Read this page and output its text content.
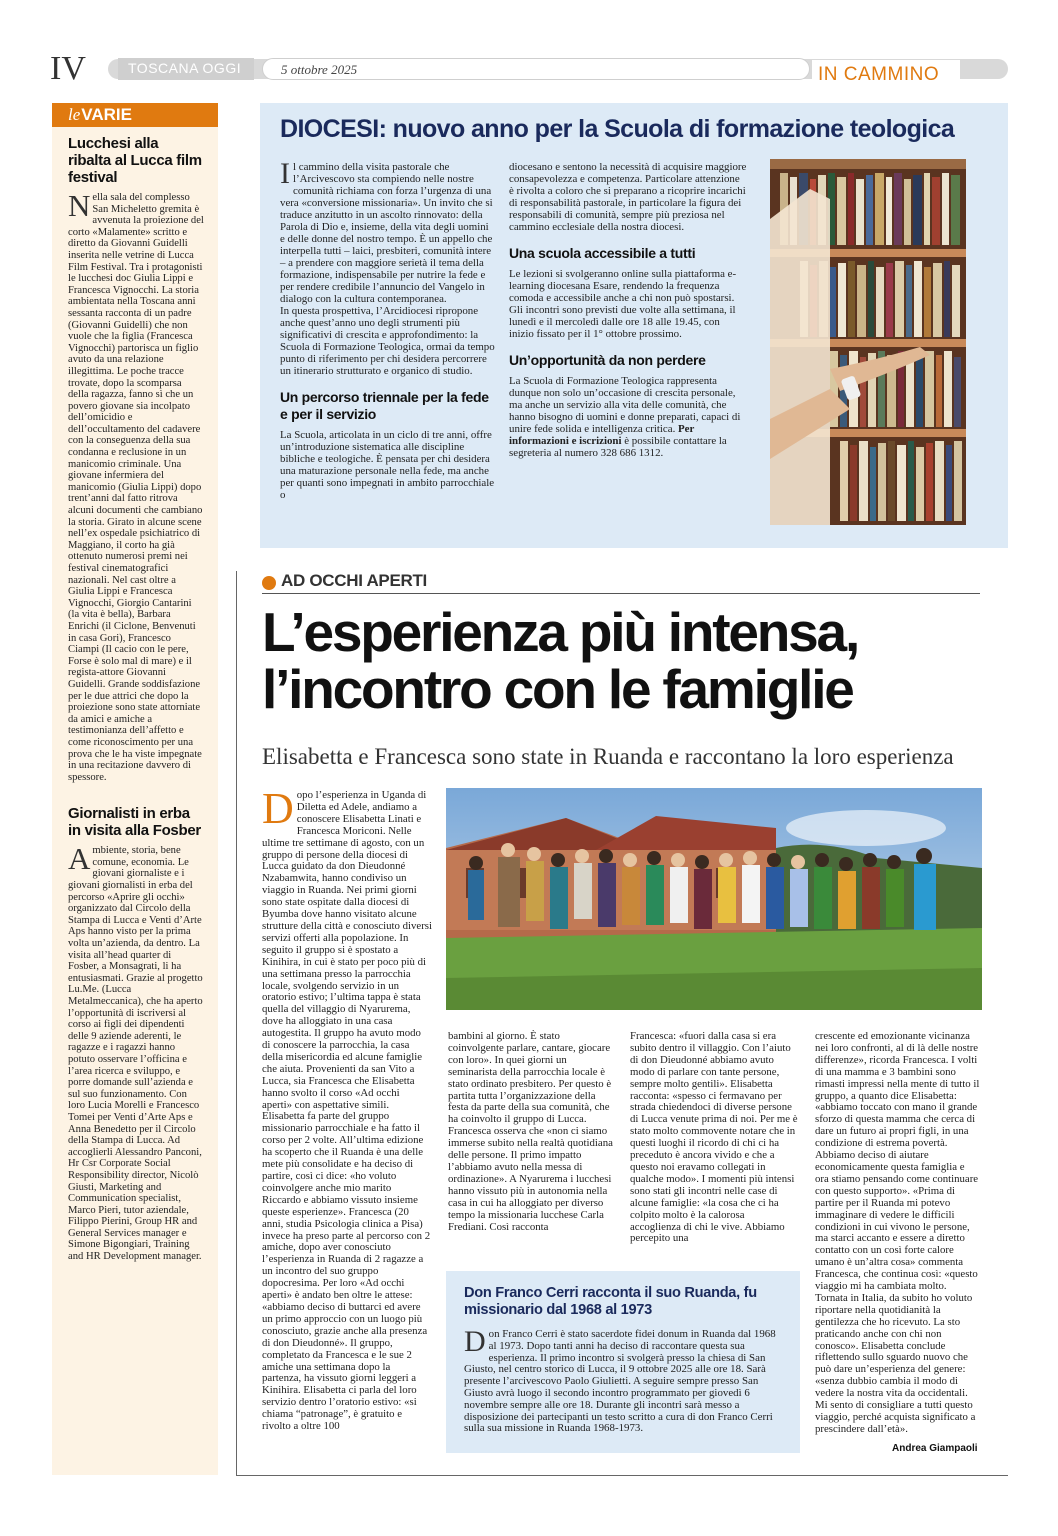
IV	TOSCANA OGGI	5 ottobre 2025	IN CAMMINO
leVARIE
Lucchesi alla ribalta al Lucca film festival

Nella sala del complesso San Micheletto gremita è avvenuta la proiezione del corto «Malamente» scritto e diretto da Giovanni Guidelli inserita nelle vetrine di Lucca Film Festival. Tra i protagonisti le lucchesi doc Giulia Lippi e Francesca Vignocchi. La storia ambientata nella Toscana anni sessanta racconta di un padre (Giovanni Guidelli) che non vuole che la figlia (Francesca Vignocchi) partorisca un figlio avuto da una relazione illegittima. Le poche tracce trovate, dopo la scomparsa della ragazza, fanno sì che un povero giovane sia incolpato dell’omicidio e dell’occultamento del cadavere con la conseguenza della sua condanna e reclusione in un manicomio criminale. Una giovane infermiera del manicomio (Giulia Lippi) dopo trent’anni dal fatto ritrova alcuni documenti che cambiano la storia. Girato in alcune scene nell’ex ospedale psichiatrico di Maggiano, il corto ha già ottenuto numerosi premi nei festival cinematografici nazionali. Nel cast oltre a Giulia Lippi e Francesca Vignocchi, Giorgio Cantarini (la vita è bella), Barbara Enrichi (il Ciclone, Benvenuti in casa Gori), Francesco Ciampi (Il cacio con le pere, Forse è solo mal di mare) e il regista-attore Giovanni Guidelli. Grande soddisfazione per le due attrici che dopo la proiezione sono state attorniate da amici e amiche a testimonianza dell’affetto e come riconoscimento per una prova che le ha viste impegnate in una recitazione davvero di spessore.

Giornalisti in erba in visita alla Fosber

Ambiente, storia, bene comune, economia. Le giovani giornaliste e i giovani giornalisti in erba del percorso «Aprire gli occhi» organizzato dal Circolo della Stampa di Lucca e Venti d’Arte Aps hanno visto per la prima volta un’azienda, da dentro. La visita all’head quarter di Fosber, a Monsagrati, li ha entusiasmati. Grazie al progetto Lu.Me. (Lucca Metalmeccanica), che ha aperto l’opportunità di iscriversi al corso ai figli dei dipendenti delle 9 aziende aderenti, le ragazze e i ragazzi hanno potuto osservare l’officina e l’area ricerca e sviluppo, e porre domande sull’azienda e sul suo funzionamento. Con loro Lucia Morelli e Francesco Tomei per Venti d’Arte Aps e Anna Benedetto per il Circolo della Stampa di Lucca. Ad accoglierli Alessandro Panconi, Hr Csr Corporate Social Responsibility director, Nicolò Giusti, Marketing and Communication specialist, Marco Pieri, tutor aziendale, Filippo Pierini, Group HR and General Services manager e Simone Bigongiari, Training and HR Development manager.

DIOCESI: nuovo anno per la Scuola di formazione teologica

Il cammino della visita pastorale che l’Arcivescovo sta compiendo nelle nostre comunità richiama con forza l’urgenza di una vera «conversione missionaria». Un invito che si traduce anzitutto in un ascolto rinnovato: della Parola di Dio e, insieme, della vita degli uomini e delle donne del nostro tempo. È un appello che interpella tutti – laici, presbiteri, comunità intere – a prendere con maggiore serietà il tema della formazione, indispensabile per nutrire la fede e per rendere credibile l’annuncio del Vangelo in dialogo con la cultura contemporanea.

In questa prospettiva, l’Arcidiocesi ripropone anche quest’anno uno degli strumenti più significativi di crescita e approfondimento: la Scuola di Formazione Teologica, ormai da tempo punto di riferimento per chi desidera percorrere un itinerario strutturato e organico di studio.

Un percorso triennale per la fede e per il servizio

La Scuola, articolata in un ciclo di tre anni, offre un’introduzione sistematica alle discipline bibliche e teologiche. È pensata per chi desidera una maturazione personale nella fede, ma anche per quanti sono impegnati in ambito parrocchiale o

diocesano e sentono la necessità di acquisire maggiore consapevolezza e competenza. Particolare attenzione è rivolta a coloro che si preparano a ricoprire incarichi di responsabilità pastorale, in particolare la figura dei responsabili di comunità, sempre più preziosa nel cammino ecclesiale della nostra diocesi.

Una scuola accessibile a tutti

Le lezioni si svolgeranno online sulla piattaforma e-learning diocesana Esare, rendendo la frequenza comoda e accessibile anche a chi non può spostarsi. Gli incontri sono previsti due volte alla settimana, il lunedì e il mercoledì dalle ore 18 alle 19.45, con inizio fissato per il 1° ottobre prossimo.

Un’opportunità da non perdere

La Scuola di Formazione Teologica rappresenta dunque non solo un’occasione di crescita personale, ma anche un servizio alla vita delle comunità, che hanno bisogno di uomini e donne preparati, capaci di unire fede solida e intelligenza critica. Per informazioni e iscrizioni è possibile contattare la segreteria al numero 328 686 1312.

AD OCCHI APERTI
L’esperienza più intensa,
l’incontro con le famiglie
Elisabetta e Francesca sono state in Ruanda e raccontano la loro esperienza
Dopo l’esperienza in Uganda di Diletta ed Adele, andiamo a conoscere Elisabetta Linati e Francesca Moriconi. Nelle ultime tre settimane di agosto, con un gruppo di persone della diocesi di Lucca guidato da don Dieudonné Nzabamwita, hanno condiviso un viaggio in Ruanda. Nei primi giorni sono state ospitate dalla diocesi di Byumba dove hanno visitato alcune strutture della città e conosciuto diversi servizi offerti alla popolazione. In seguito il gruppo si è spostato a Kinihira, in cui è stato per poco più di una settimana presso la parrocchia locale, svolgendo servizio in un oratorio estivo; l’ultima tappa è stata quella del villaggio di Nyarurema, dove ha alloggiato in una casa autogestita. Il gruppo ha avuto modo di conoscere la parrocchia, la casa della misericordia ed alcune famiglie che aiuta. Provenienti da san Vito a Lucca, sia Francesca che Elisabetta hanno svolto il corso «Ad occhi aperti» con aspettative simili. Elisabetta fa parte del gruppo missionario parrocchiale e ha fatto il corso per 2 volte. All’ultima edizione ha scoperto che il Ruanda è una delle mete più consolidate e ha deciso di partire, così ci dice: «ho voluto coinvolgere anche mio marito Riccardo e abbiamo vissuto insieme queste esperienze». Francesca (20 anni, studia Psicologia clinica a Pisa) invece ha preso parte al percorso con 2 amiche, dopo aver conosciuto l’esperienza in Ruanda di 2 ragazze a un incontro del suo gruppo dopocresima. Per loro «Ad occhi aperti» è andato ben oltre le attese: «abbiamo deciso di buttarci ed avere un primo approccio con un luogo più conosciuto, grazie anche alla presenza di don Dieudonné». Il gruppo, completato da Francesca e le sue 2 amiche una settimana dopo la partenza, ha vissuto giorni leggeri a Kinihira. Elisabetta ci parla del loro servizio dentro l’oratorio estivo: «si chiama “patronage”, è gratuito e rivolto a oltre 100
bambini al giorno. È stato coinvolgente parlare, cantare, giocare con loro». In quei giorni un seminarista della parrocchia locale è stato ordinato presbitero. Per questo è partita tutta l’organizzazione della festa da parte della sua comunità, che ha coinvolto il gruppo di Lucca. Francesca osserva che «non ci siamo immerse subito nella realtà quotidiana delle persone. Il primo impatto l’abbiamo avuto nella messa di ordinazione». A Nyarurema i lucchesi hanno vissuto più in autonomia nella casa in cui ha alloggiato per diverso tempo la missionaria lucchese Carla Frediani. Così racconta
Francesca: «fuori dalla casa si era subito dentro il villaggio. Con l’aiuto di don Dieudonné abbiamo avuto modo di parlare con tante persone, sempre molto gentili». Elisabetta racconta: «spesso ci fermavano per strada chiedendoci di diverse persone di Lucca venute prima di noi. Per me è stato molto commovente notare che in questi luoghi il ricordo di chi ci ha preceduto è ancora vivido e che a questo noi eravamo collegati in qualche modo». I momenti più intensi sono stati gli incontri nelle case di alcune famiglie: «la cosa che ci ha colpito molto è la calorosa accoglienza di chi le vive. Abbiamo percepito una
crescente ed emozionante vicinanza nei loro confronti, al di là delle nostre differenze», ricorda Francesca. I volti di una mamma e 3 bambini sono rimasti impressi nella mente di tutto il gruppo, a quanto dice Elisabetta: «abbiamo toccato con mano il grande sforzo di questa mamma che cerca di dare un futuro ai propri figli, in una condizione di estrema povertà. Abbiamo deciso di aiutare economicamente questa famiglia e ora stiamo pensando come continuare con questo supporto». «Prima di partire per il Ruanda mi potevo immaginare di vedere le difficili condizioni in cui vivono le persone, ma starci accanto e essere a diretto contatto con un così forte calore umano è un’altra cosa» commenta Francesca, che continua così: «questo viaggio mi ha cambiata molto. Tornata in Italia, da subito ho voluto riportare nella quotidianità la gentilezza che ho ricevuto. La sto praticando anche con chi non conosco». Elisabetta conclude riflettendo sullo sguardo nuovo che può dare un’esperienza del genere: «senza dubbio cambia il modo di vedere la nostra vita da occidentali. Mi sento di consigliare a tutti questo viaggio, perché acquista significato a prescindere dall’età».
Andrea Giampaoli
Don Franco Cerri racconta il suo Ruanda, fu missionario dal 1968 al 1973

Don Franco Cerri è stato sacerdote fidei donum in Ruanda dal 1968 al 1973. Dopo tanti anni ha deciso di raccontare questa sua esperienza. Il primo incontro si svolgerà presso la chiesa di San Giusto, nel centro storico di Lucca, il 9 ottobre 2025 alle ore 18. Sarà presente l’arcivescovo Paolo Giulietti. A seguire sempre presso San Giusto avrà luogo il secondo incontro programmato per giovedì 6 novembre sempre alle ore 18. Durante gli incontri sarà messo a disposizione dei partecipanti un testo scritto a cura di don Franco Cerri sulla sua missione in Ruanda 1968-1973.
